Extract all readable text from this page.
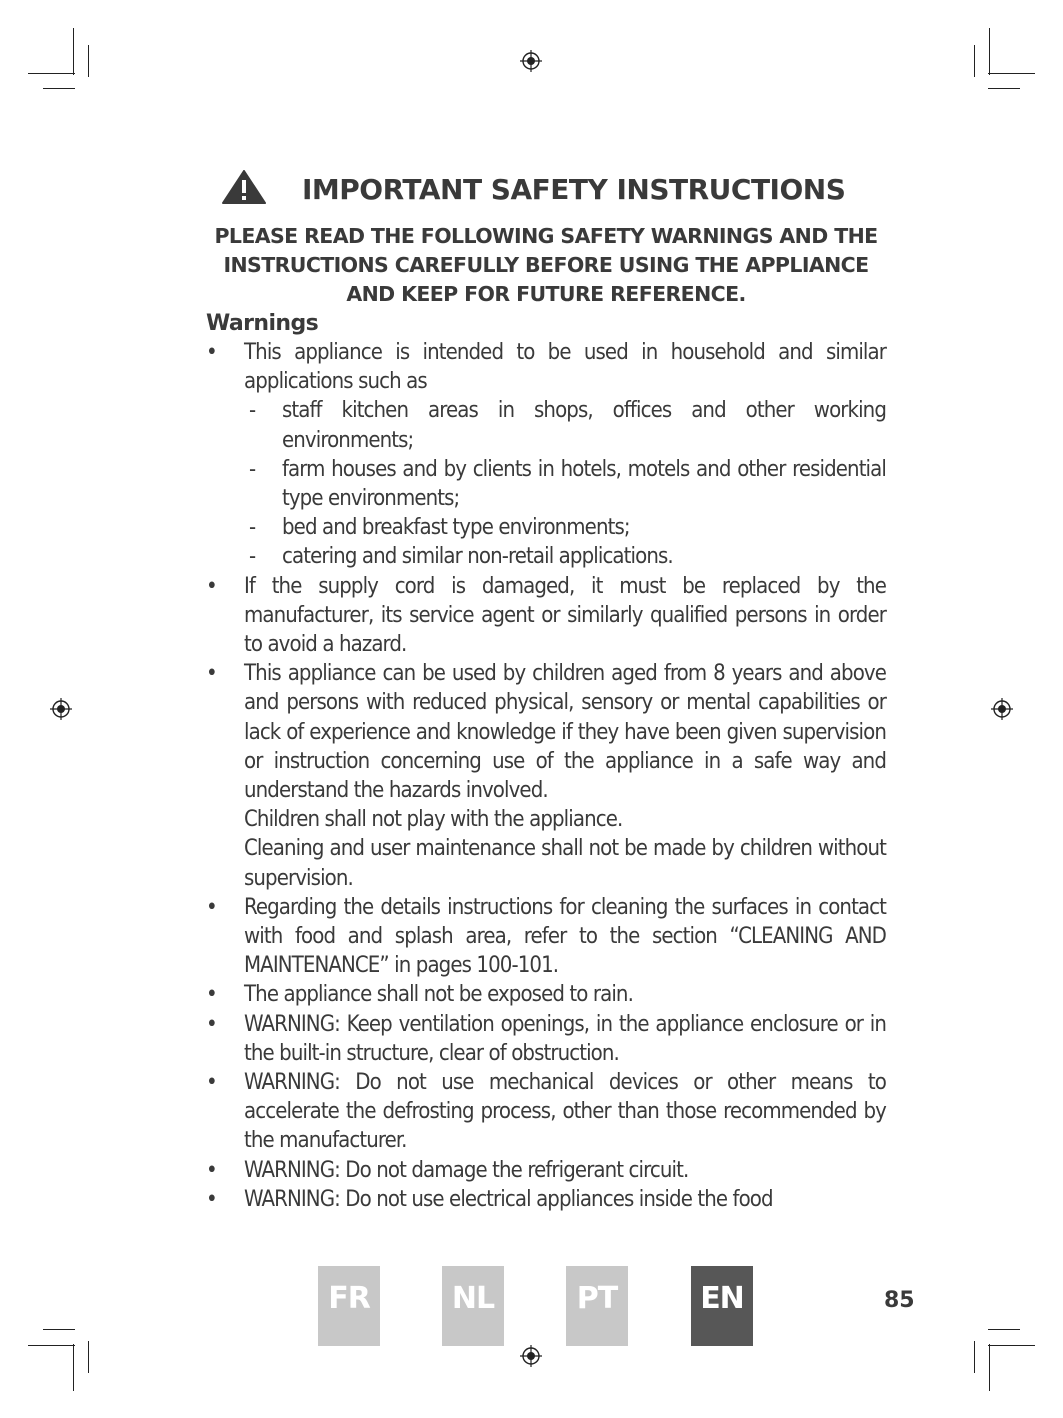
IMPORTANT SAFETY INSTRUCTIONS
PLEASE READ THE FOLLOWING SAFETY WARNINGS AND THE
INSTRUCTIONS CAREFULLY BEFORE USING THE APPLIANCE
AND KEEP FOR FUTURE REFERENCE.
Warnings
• This appliance is intended to be used in household and similar applications such as
- staff kitchen areas in shops, offices and other working environments;
- farm houses and by clients in hotels, motels and other residential type environments;
- bed and breakfast type environments;
- catering and similar non-retail applications.
• If the supply cord is damaged, it must be replaced by the manufacturer, its service agent or similarly qualified persons in order to avoid a hazard.
• This appliance can be used by children aged from 8 years and above and persons with reduced physical, sensory or mental capabilities or lack of experience and knowledge if they have been given supervision or instruction concerning use of the appliance in a safe way and understand the hazards involved.
Children shall not play with the appliance.
Cleaning and user maintenance shall not be made by children without supervision.
• Regarding the details instructions for cleaning the surfaces in contact with food and splash area, refer to the section “CLEANING AND MAINTENANCE” in pages 100-101.
• The appliance shall not be exposed to rain.
• WARNING: Keep ventilation openings, in the appliance enclosure or in the built-in structure, clear of obstruction.
• WARNING: Do not use mechanical devices or other means to accelerate the defrosting process, other than those recommended by the manufacturer.
• WARNING: Do not damage the refrigerant circuit.
• WARNING: Do not use electrical appliances inside the food
FR	NL	PT	EN	85
